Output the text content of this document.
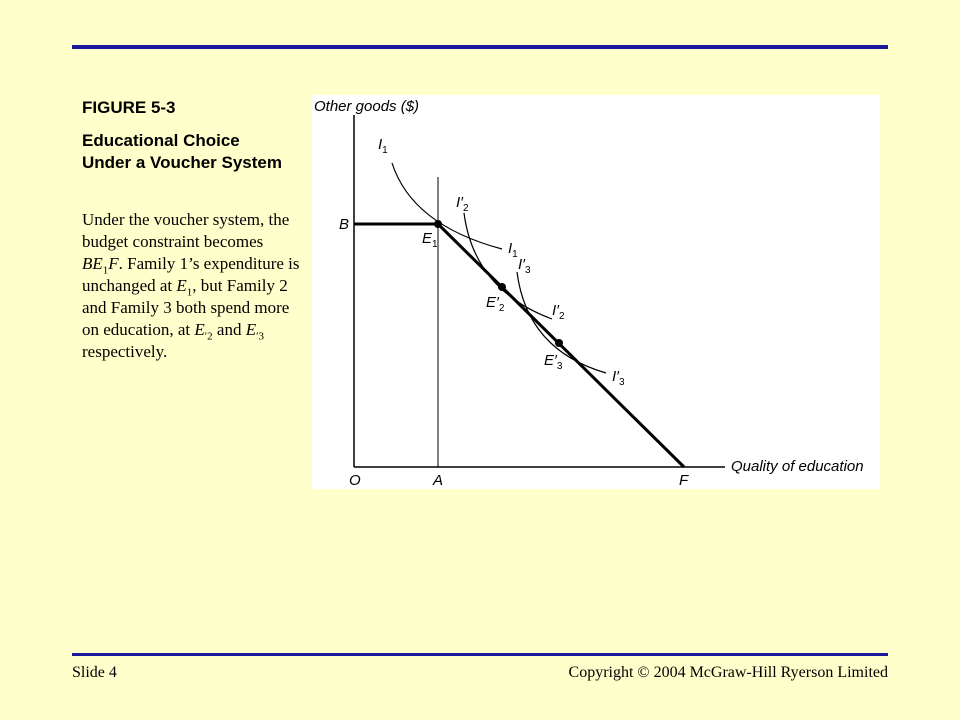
FIGURE 5-3
Educational Choice Under a Voucher System
Under the voucher system, the budget constraint becomes $BE_1F$. Family 1’s expenditure is unchanged at $E_1$, but Family 2 and Family 3 both spend more on education, at $E_{'2}$ and $E_{'3}$ respectively.
Other goods ($)
Quality of education
O	A	F
B
$I_1$
$I_1$
$I'_2$
$I'_2$
$I'_3$
$I'_3$
$E_1$
$E'_2$
$E'_3$
Slide 4	Copyright © 2004 McGraw-Hill Ryerson Limited
